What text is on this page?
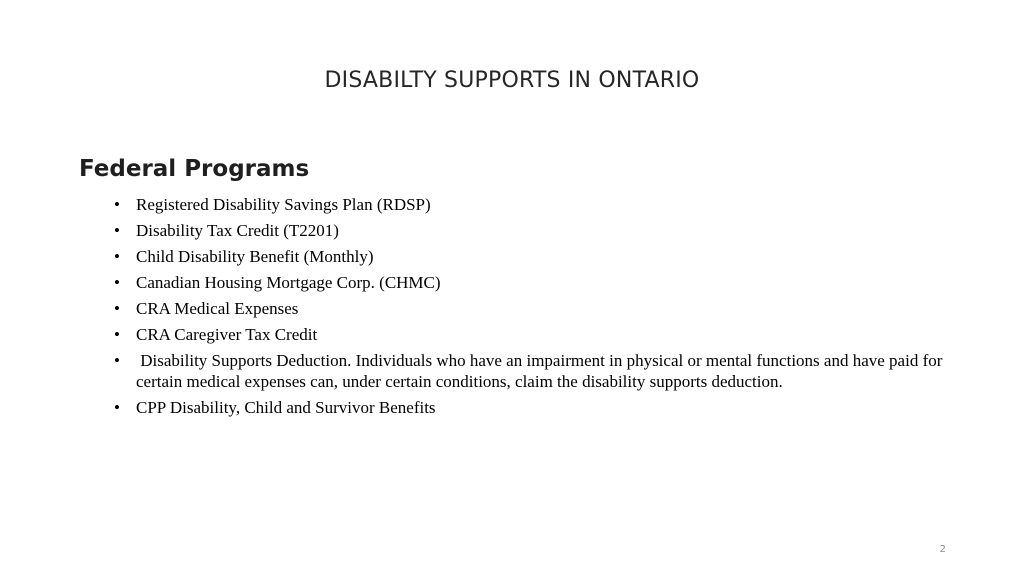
DISABILTY SUPPORTS IN ONTARIO
Federal Programs
• Registered Disability Savings Plan (RDSP)
• Disability Tax Credit (T2201)
• Child Disability Benefit (Monthly)
• Canadian Housing Mortgage Corp. (CHMC)
• CRA Medical Expenses
• CRA Caregiver Tax Credit
• Disability Supports Deduction. Individuals who have an impairment in physical or mental functions and have paid for certain medical expenses can, under certain conditions, claim the disability supports deduction.
• CPP Disability, Child and Survivor Benefits
2
